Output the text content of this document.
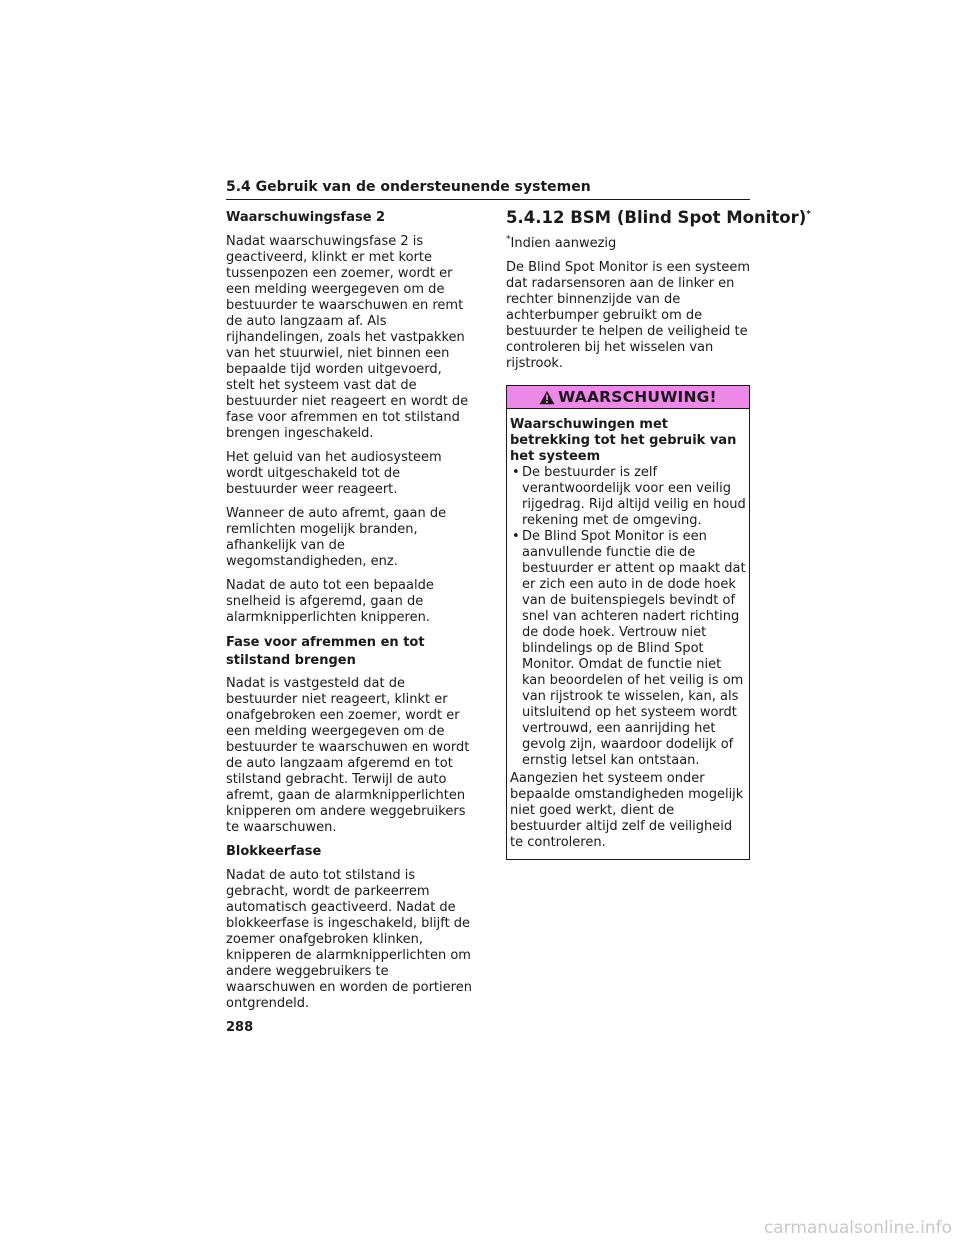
5.4 Gebruik van de ondersteunende systemen

Waarschuwingsfase 2

Nadat waarschuwingsfase 2 is geactiveerd, klinkt er met korte tussenpozen een zoemer, wordt er een melding weergegeven om de bestuurder te waarschuwen en remt de auto langzaam af. Als rijhandelingen, zoals het vastpakken van het stuurwiel, niet binnen een bepaalde tijd worden uitgevoerd, stelt het systeem vast dat de bestuurder niet reageert en wordt de fase voor afremmen en tot stilstand brengen ingeschakeld.

Het geluid van het audiosysteem wordt uitgeschakeld tot de bestuurder weer reageert.

Wanneer de auto afremt, gaan de remlichten mogelijk branden, afhankelijk van de wegomstandigheden, enz.

Nadat de auto tot een bepaalde snelheid is afgeremd, gaan de alarmknipperlichten knipperen.

Fase voor afremmen en tot stilstand brengen

Nadat is vastgesteld dat de bestuurder niet reageert, klinkt er onafgebroken een zoemer, wordt er een melding weergegeven om de bestuurder te waarschuwen en wordt de auto langzaam afgeremd en tot stilstand gebracht. Terwijl de auto afremt, gaan de alarmknipperlichten knipperen om andere weggebruikers te waarschuwen.

Blokkeerfase

Nadat de auto tot stilstand is gebracht, wordt de parkeerrem automatisch geactiveerd. Nadat de blokkeerfase is ingeschakeld, blijft de zoemer onafgebroken klinken, knipperen de alarmknipperlichten om andere weggebruikers te waarschuwen en worden de portieren ontgrendeld.

5.4.12 BSM (Blind Spot Monitor)*

*Indien aanwezig

De Blind Spot Monitor is een systeem dat radarsensoren aan de linker en rechter binnenzijde van de achterbumper gebruikt om de bestuurder te helpen de veiligheid te controleren bij het wisselen van rijstrook.

WAARSCHUWING!
Waarschuwingen met betrekking tot het gebruik van het systeem
• De bestuurder is zelf verantwoordelijk voor een veilig rijgedrag. Rijd altijd veilig en houd rekening met de omgeving.
• De Blind Spot Monitor is een aanvullende functie die de bestuurder er attent op maakt dat er zich een auto in de dode hoek van de buitenspiegels bevindt of snel van achteren nadert richting de dode hoek. Vertrouw niet blindelings op de Blind Spot Monitor. Omdat de functie niet kan beoordelen of het veilig is om van rijstrook te wisselen, kan, als uitsluitend op het systeem wordt vertrouwd, een aanrijding het gevolg zijn, waardoor dodelijk of ernstig letsel kan ontstaan.

Aangezien het systeem onder bepaalde omstandigheden mogelijk niet goed werkt, dient de bestuurder altijd zelf de veiligheid te controleren.

288
carmanualsonline.info
